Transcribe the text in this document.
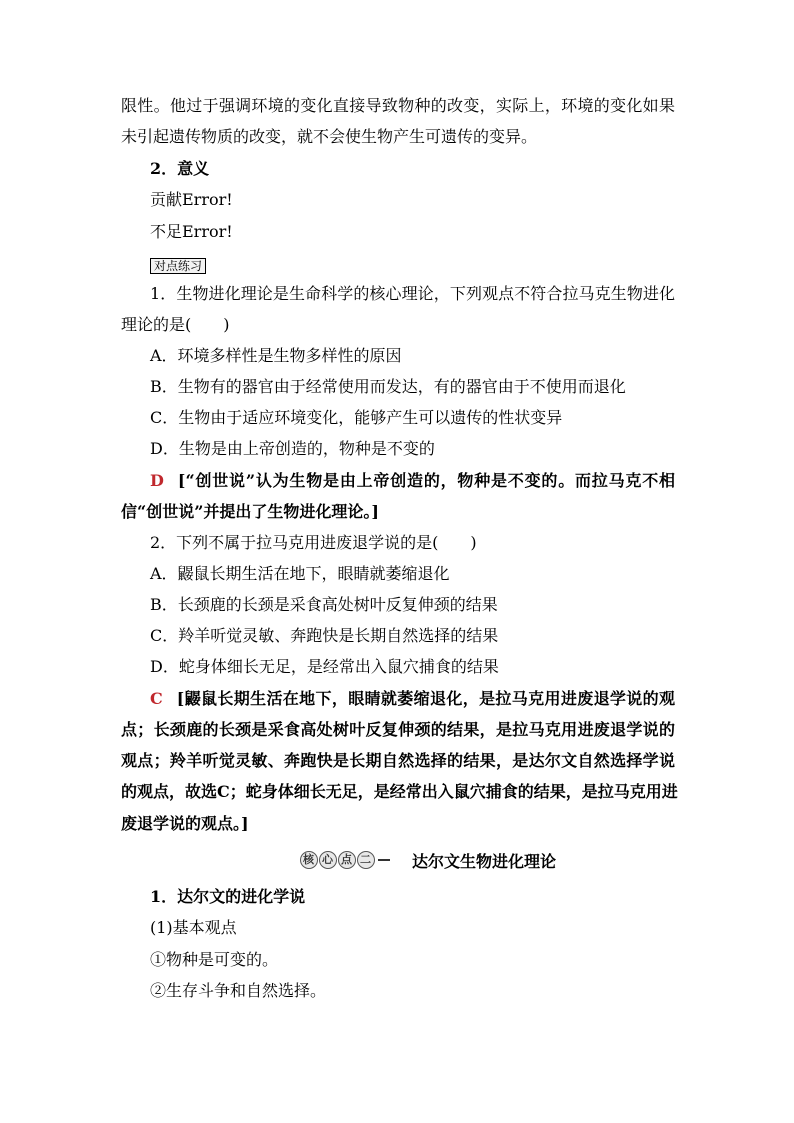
限性。他过于强调环境的变化直接导致物种的改变，实际上，环境的变化如果
未引起遗传物质的改变，就不会使生物产生可遗传的变异。
2．意义
贡献Error!
不足Error!
对点练习
1．生物进化理论是生命科学的核心理论，下列观点不符合拉马克生物进化
理论的是(　　)
A．环境多样性是生物多样性的原因
B．生物有的器官由于经常使用而发达，有的器官由于不使用而退化
C．生物由于适应环境变化，能够产生可以遗传的性状变异
D．生物是由上帝创造的，物种是不变的
D [“创世说”认为生物是由上帝创造的，物种是不变的。而拉马克不相
信“创世说”并提出了生物进化理论。]
2．下列不属于拉马克用进废退学说的是(　　)
A．鼹鼠长期生活在地下，眼睛就萎缩退化
B．长颈鹿的长颈是采食高处树叶反复伸颈的结果
C．羚羊听觉灵敏、奔跑快是长期自然选择的结果
D．蛇身体细长无足，是经常出入鼠穴捕食的结果
C [鼹鼠长期生活在地下，眼睛就萎缩退化，是拉马克用进废退学说的观
点；长颈鹿的长颈是采食高处树叶反复伸颈的结果，是拉马克用进废退学说的
观点；羚羊听觉灵敏、奔跑快是长期自然选择的结果，是达尔文自然选择学说
的观点，故选C；蛇身体细长无足，是经常出入鼠穴捕食的结果，是拉马克用进
废退学说的观点。]
核 心 点 二	达尔文生物进化理论
1．达尔文的进化学说
(1)基本观点
①物种是可变的。
②生存斗争和自然选择。
